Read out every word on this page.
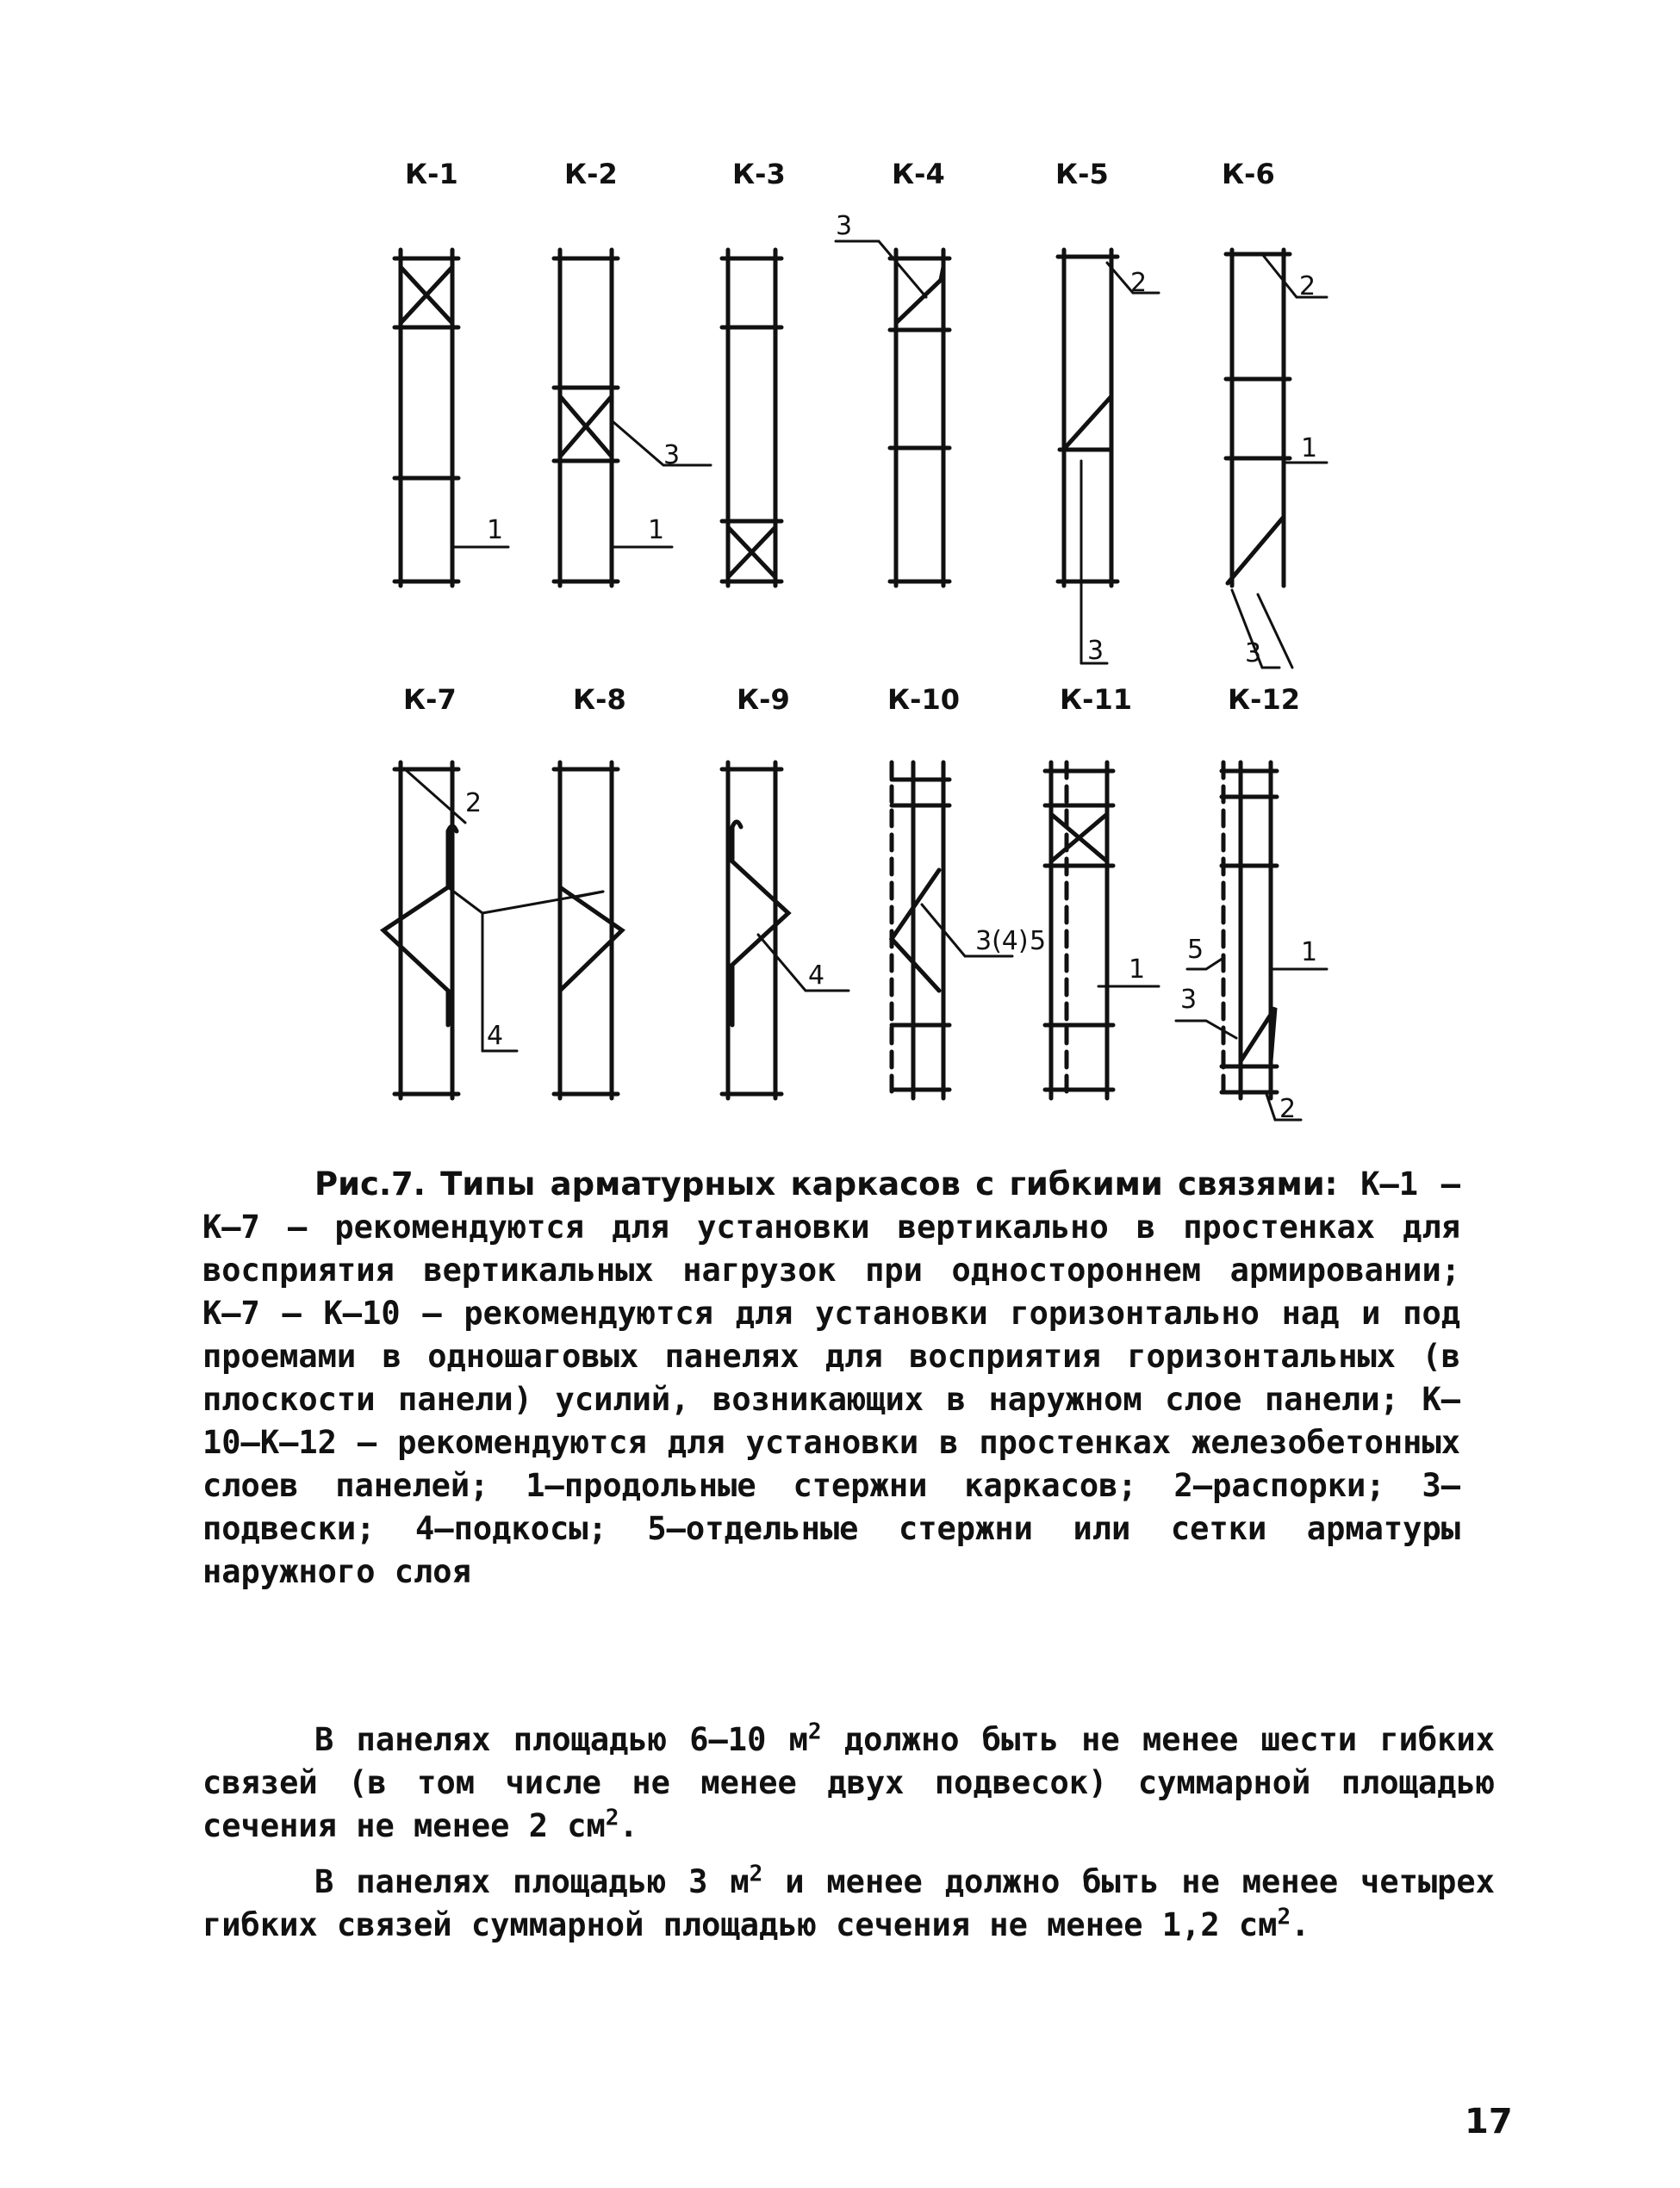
К-1	К-2	К-3	К-4	К-5	К-6
К-7	К-8	К-9	К-10	К-11	К-12
1
3
1
3
2
3
2
1
3
2
4
4
3(4) 5
1
5	1
3
2
Рис.7. Типы арматурных каркасов с гибкими связями: К–1 – К–7 – рекомендуются для установки вертикально в простенках для восприятия вертикальных нагрузок при одностороннем армировании; К–7 – К–10 – рекомендуются для установки горизонтально над и под проемами в одношаговых панелях для восприятия горизонтальных (в плоскости панели) усилий, возникающих в наружном слое панели; К–10–К–12 – рекомендуются для установки в простенках железобетонных слоев панелей; 1–продольные стержни каркасов; 2–распорки; 3–подвески; 4–подкосы; 5–отдельные стержни или сетки арматуры наружного слоя
В панелях площадью 6–10 $м^2$ должно быть не менее шести гибких связей (в том числе не менее двух подвесок) суммарной площадью сечения не менее 2 $см^2$.
В панелях площадью 3 $м^2$ и менее должно быть не менее четырех гибких связей суммарной площадью сечения не менее 1,2 $см^2$.
17
